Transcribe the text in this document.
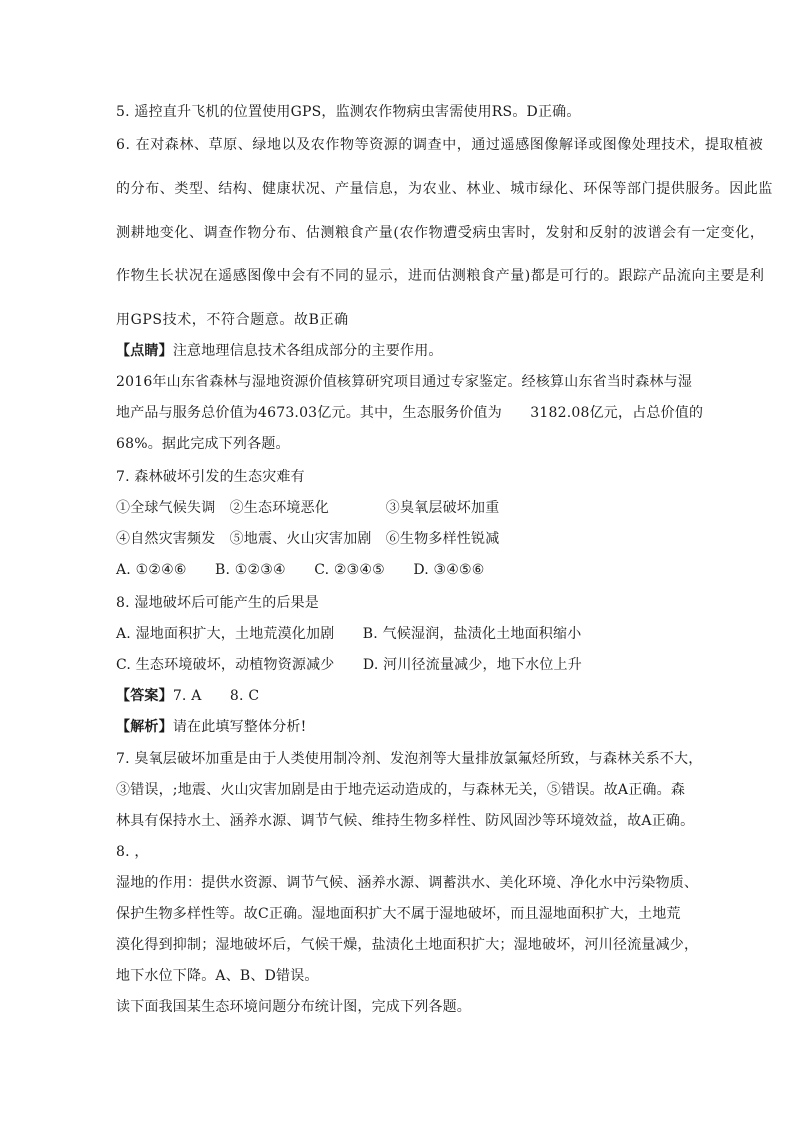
5. 遥控直升飞机的位置使用GPS，监测农作物病虫害需使用RS。D正确。
6. 在对森林、草原、绿地以及农作物等资源的调查中，通过遥感图像解译或图像处理技术，提取植被
的分布、类型、结构、健康状况、产量信息，为农业、林业、城市绿化、环保等部门提供服务。因此监
测耕地变化、调查作物分布、估测粮食产量(农作物遭受病虫害时，发射和反射的波谱会有一定变化，
作物生长状况在遥感图像中会有不同的显示，进而估测粮食产量)都是可行的。跟踪产品流向主要是利
用GPS技术，不符合题意。故B正确
【点睛】注意地理信息技术各组成部分的主要作用。
2016年山东省森林与湿地资源价值核算研究项目通过专家鉴定。经核算山东省当时森林与湿
地产品与服务总价值为4673.03亿元。其中，生态服务价值为　　3182.08亿元，占总价值的
68%。据此完成下列各题。
7. 森林破坏引发的生态灾难有
①全球气候失调　②生态环境恶化　　　　③臭氧层破坏加重
④自然灾害频发　⑤地震、火山灾害加剧　⑥生物多样性锐减
A. ①②④⑥　　B. ①②③④　　C. ②③④⑤　　D. ③④⑤⑥
8. 湿地破坏后可能产生的后果是
A. 湿地面积扩大，土地荒漠化加剧　　B. 气候湿润，盐渍化土地面积缩小
C. 生态环境破坏，动植物资源减少　　D. 河川径流量减少，地下水位上升
【答案】7. A　　8. C
【解析】请在此填写整体分析!
7. 臭氧层破坏加重是由于人类使用制冷剂、发泡剂等大量排放氯氟烃所致，与森林关系不大，
③错误，;地震、火山灾害加剧是由于地壳运动造成的，与森林无关，⑤错误。故A正确。森
林具有保持水土、涵养水源、调节气候、维持生物多样性、防风固沙等环境效益，故A正确。
8. ，
湿地的作用：提供水资源、调节气候、涵养水源、调蓄洪水、美化环境、净化水中污染物质、
保护生物多样性等。故C正确。湿地面积扩大不属于湿地破坏，而且湿地面积扩大，土地荒
漠化得到抑制；湿地破坏后，气候干燥，盐渍化土地面积扩大；湿地破坏，河川径流量减少，
地下水位下降。A、B、D错误。
读下面我国某生态环境问题分布统计图，完成下列各题。
